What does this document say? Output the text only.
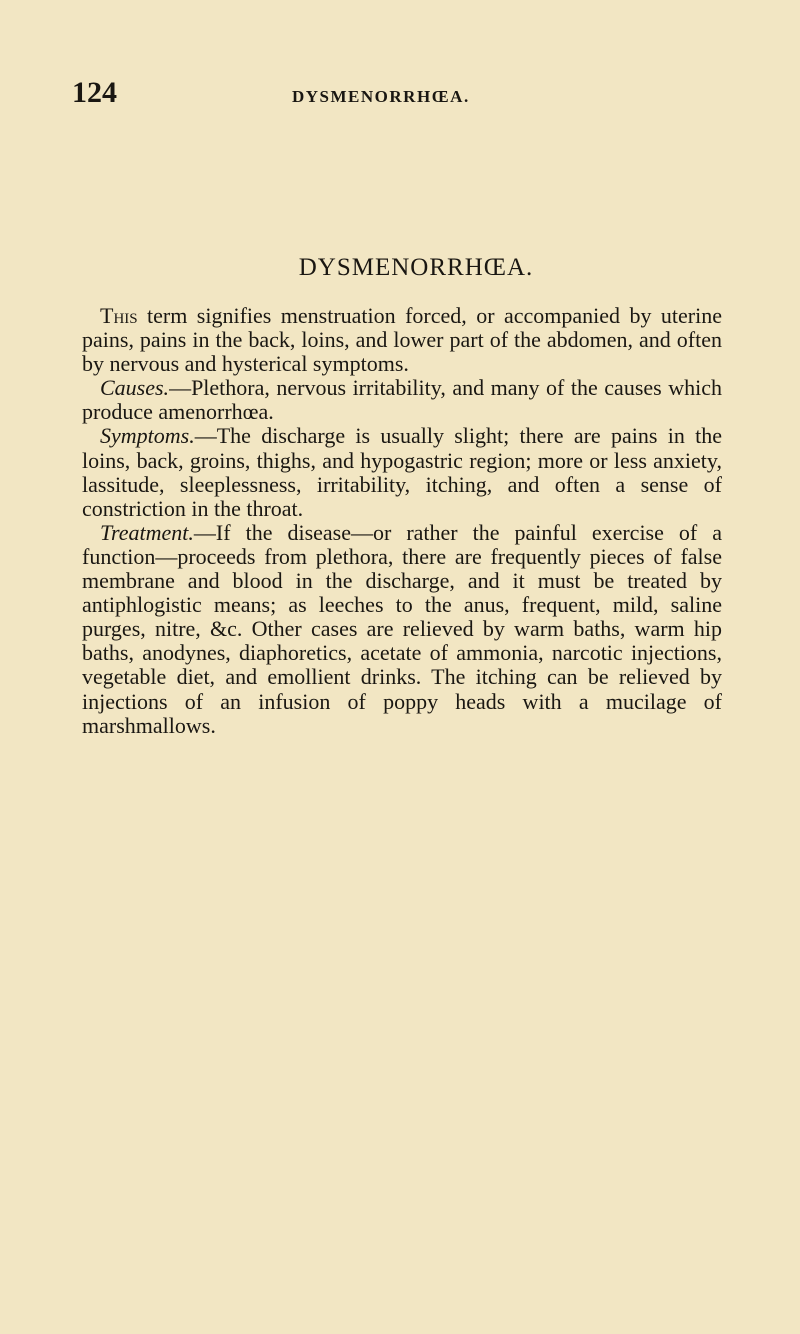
124	DYSMENORRHŒA.
DYSMENORRHŒA.

This term signifies menstruation forced, or accompanied by uterine pains, pains in the back, loins, and lower part of the abdomen, and often by nervous and hysterical symptoms.

Causes.—Plethora, nervous irritability, and many of the causes which produce amenorrhœa.

Symptoms.—The discharge is usually slight; there are pains in the loins, back, groins, thighs, and hypogastric region; more or less anxiety, lassitude, sleeplessness, irritability, itching, and often a sense of constriction in the throat.

Treatment.—If the disease—or rather the painful exercise of a function—proceeds from plethora, there are frequently pieces of false membrane and blood in the discharge, and it must be treated by antiphlogistic means; as leeches to the anus, frequent, mild, saline purges, nitre, &c. Other cases are relieved by warm baths, warm hip baths, anodynes, diaphoretics, acetate of ammonia, narcotic injections, vegetable diet, and emollient drinks. The itching can be relieved by injections of an infusion of poppy heads with a mucilage of marshmallows.
